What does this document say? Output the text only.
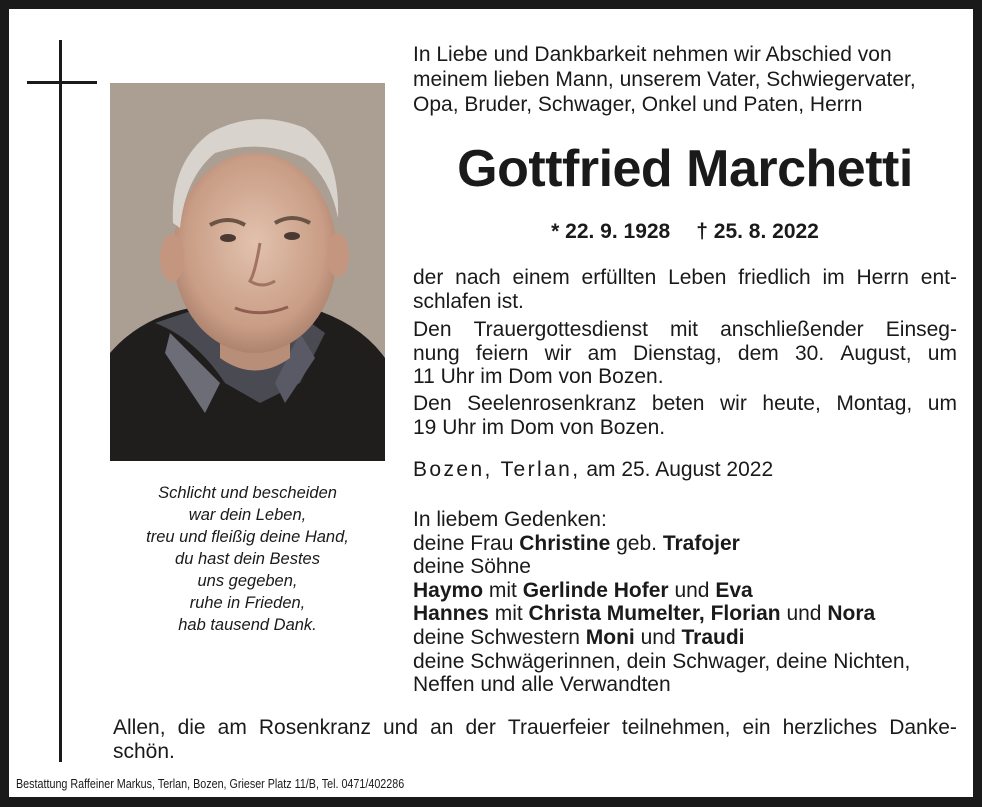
Schlicht und bescheiden
war dein Leben,
treu und fleißig deine Hand,
du hast dein Bestes
uns gegeben,
ruhe in Frieden,
hab tausend Dank.
In Liebe und Dankbarkeit nehmen wir Abschied von
meinem lieben Mann, unserem Vater, Schwiegervater,
Opa, Bruder, Schwager, Onkel und Paten, Herrn
Gottfried Marchetti
* 22. 9. 1928 † 25. 8. 2022
der nach einem erfüllten Leben friedlich im Herrn ent-
schlafen ist.
Den Trauergottesdienst mit anschließender Einseg-
nung feiern wir am Dienstag, dem 30. August, um
11 Uhr im Dom von Bozen.
Den Seelenrosenkranz beten wir heute, Montag, um
19 Uhr im Dom von Bozen.
Bozen, Terlan, am 25. August 2022
In liebem Gedenken:
deine Frau Christine geb. Trafojer
deine Söhne
Haymo mit Gerlinde Hofer und Eva
Hannes mit Christa Mumelter, Florian und Nora
deine Schwestern Moni und Traudi
deine Schwägerinnen, dein Schwager, deine Nichten,
Neffen und alle Verwandten
Allen, die am Rosenkranz und an der Trauerfeier teilnehmen, ein herzliches Danke-
schön.
Bestattung Raffeiner Markus, Terlan, Bozen, Grieser Platz 11/B, Tel. 0471/402286
